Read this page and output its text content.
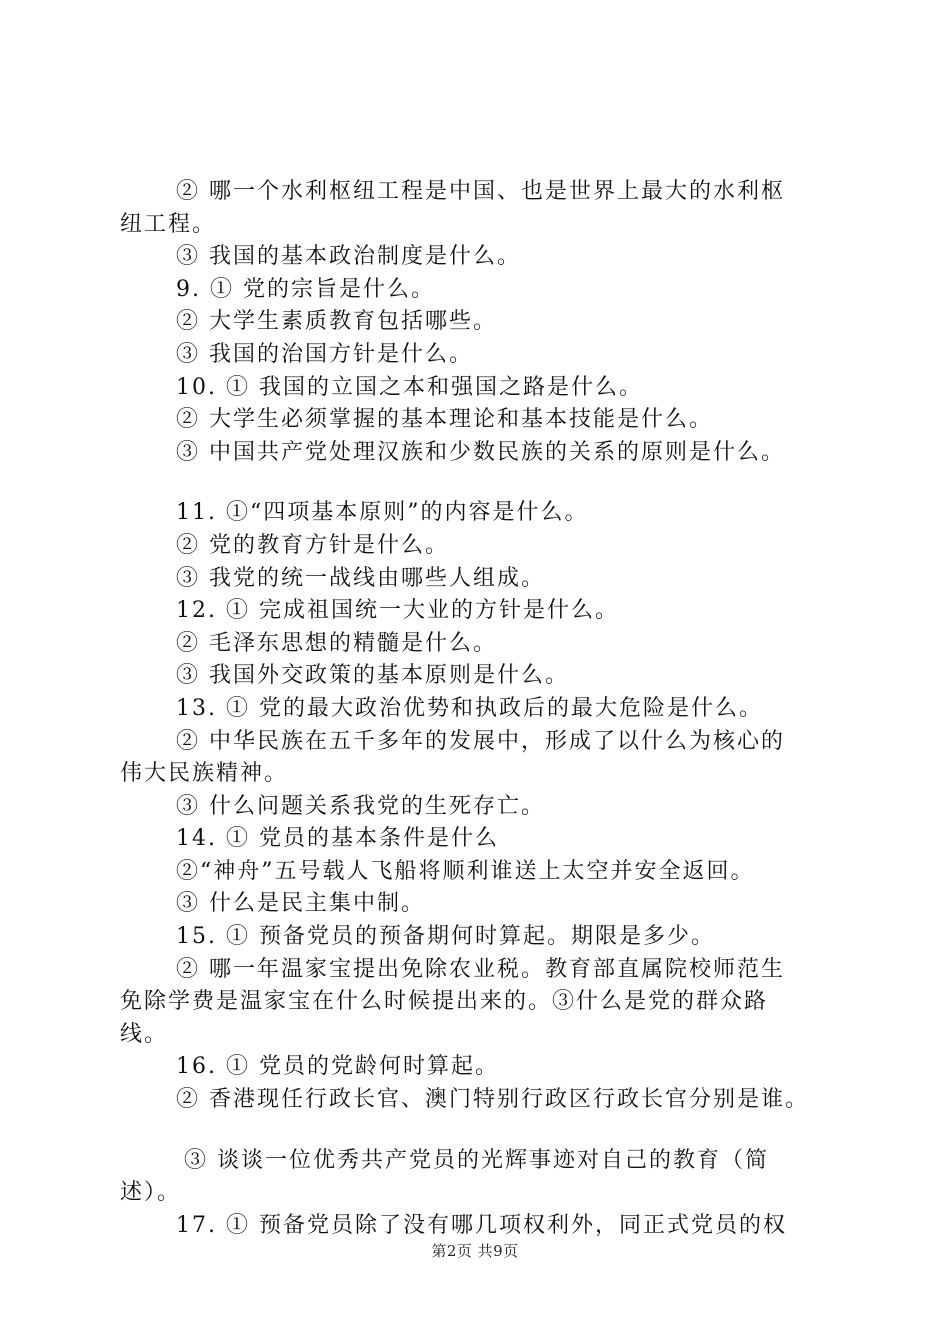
② 哪一个水利枢纽工程是中国、也是世界上最大的水利枢
纽工程。
③ 我国的基本政治制度是什么。
9. ① 党的宗旨是什么。
② 大学生素质教育包括哪些。
③ 我国的治国方针是什么。
10. ① 我国的立国之本和强国之路是什么。
② 大学生必须掌握的基本理论和基本技能是什么。
③ 中国共产党处理汉族和少数民族的关系的原则是什么。
11. ①“四项基本原则”的内容是什么。
② 党的教育方针是什么。
③ 我党的统一战线由哪些人组成。
12. ① 完成祖国统一大业的方针是什么。
② 毛泽东思想的精髓是什么。
③ 我国外交政策的基本原则是什么。
13. ① 党的最大政治优势和执政后的最大危险是什么。
② 中华民族在五千多年的发展中，形成了以什么为核心的
伟大民族精神。
③ 什么问题关系我党的生死存亡。
14. ① 党员的基本条件是什么
②“神舟”五号载人飞船将顺利谁送上太空并安全返回。
③ 什么是民主集中制。
15. ① 预备党员的预备期何时算起。期限是多少。
② 哪一年温家宝提出免除农业税。教育部直属院校师范生
免除学费是温家宝在什么时候提出来的。③什么是党的群众路
线。
16. ① 党员的党龄何时算起。
② 香港现任行政长官、澳门特别行政区行政长官分别是谁。
③ 谈谈一位优秀共产党员的光辉事迹对自己的教育（简
述）。
17. ① 预备党员除了没有哪几项权利外，同正式党员的权
第2页 共9页
